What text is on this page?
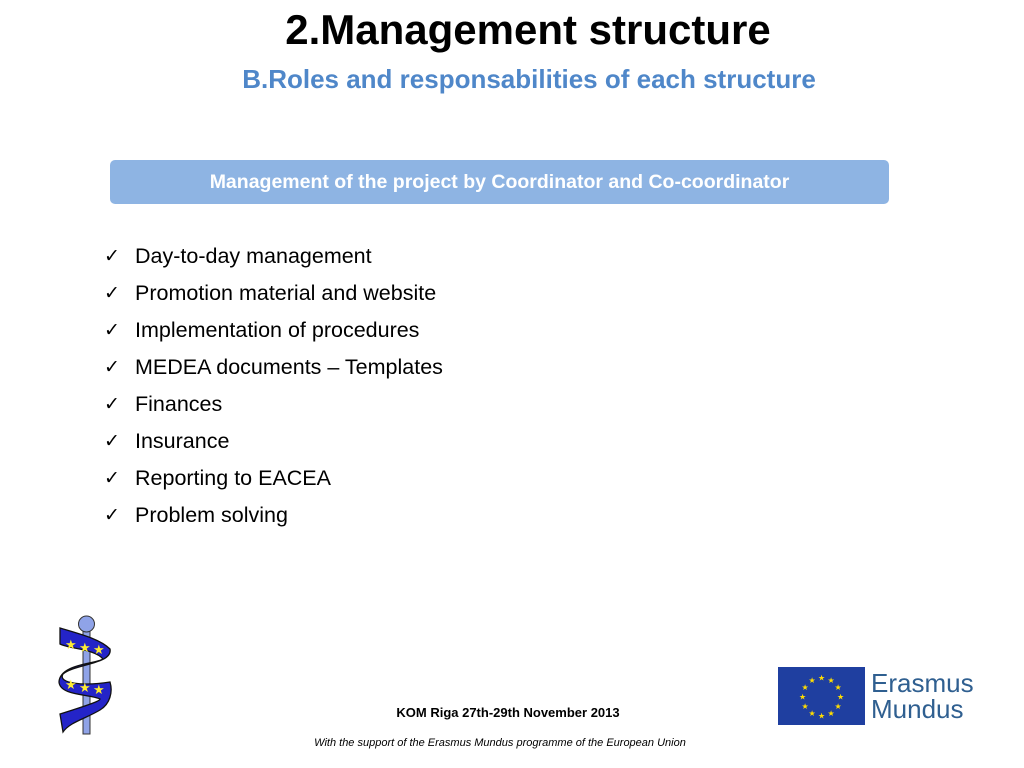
2.Management structure
B.Roles and responsabilities of each structure
Management of the project by Coordinator and Co-coordinator
✓ Day-to-day management
✓ Promotion material and website
✓ Implementation of procedures
✓ MEDEA documents – Templates
✓ Finances
✓ Insurance
✓ Reporting to EACEA
✓ Problem solving
★ ★ ★
★ ★ ★
KOM Riga 27th-29th November 2013
With the support of the Erasmus Mundus programme of the European Union
★ ★
★
★
★
★
★
★
★
★
★
★ Erasmus
Mundus
